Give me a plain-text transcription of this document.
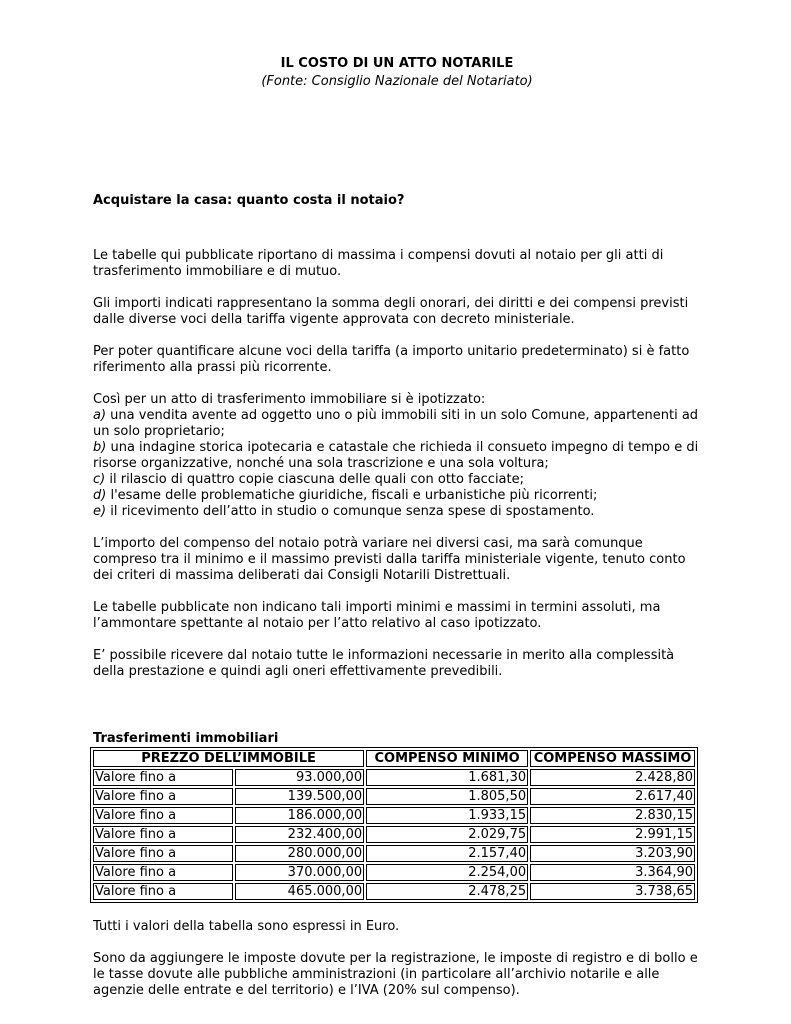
IL COSTO DI UN ATTO NOTARILE

(Fonte: Consiglio Nazionale del Notariato)

Acquistare la casa: quanto costa il notaio?

Le tabelle qui pubblicate riportano di massima i compensi dovuti al notaio per gli atti di trasferimento immobiliare e di mutuo.

Gli importi indicati rappresentano la somma degli onorari, dei diritti e dei compensi previsti dalle diverse voci della tariffa vigente approvata con decreto ministeriale.

Per poter quantificare alcune voci della tariffa (a importo unitario predeterminato) si è fatto riferimento alla prassi più ricorrente.

Così per un atto di trasferimento immobiliare si è ipotizzato:

a) una vendita avente ad oggetto uno o più immobili siti in un solo Comune, appartenenti ad un solo proprietario;

b) una indagine storica ipotecaria e catastale che richieda il consueto impegno di tempo e di risorse organizzative, nonché una sola trascrizione e una sola voltura;

c) il rilascio di quattro copie ciascuna delle quali con otto facciate;

d) l'esame delle problematiche giuridiche, fiscali e urbanistiche più ricorrenti;

e) il ricevimento dell’atto in studio o comunque senza spese di spostamento.

L’importo del compenso del notaio potrà variare nei diversi casi, ma sarà comunque compreso tra il minimo e il massimo previsti dalla tariffa ministeriale vigente, tenuto conto dei criteri di massima deliberati dai Consigli Notarili Distrettuali.

Le tabelle pubblicate non indicano tali importi minimi e massimi in termini assoluti, ma l’ammontare spettante al notaio per l’atto relativo al caso ipotizzato.

E’ possibile ricevere dal notaio tutte le informazioni necessarie in merito alla complessità della prestazione e quindi agli oneri effettivamente prevedibili.

Trasferimenti immobiliari

PREZZO DELL’IMMOBILE		COMPENSO MINIMO	COMPENSO MASSIMO
Valore fino a	93.000,00	1.681,30	2.428,80
Valore fino a	139.500,00	1.805,50	2.617,40
Valore fino a	186.000,00	1.933,15	2.830,15
Valore fino a	232.400,00	2.029,75	2.991,15
Valore fino a	280.000,00	2.157,40	3.203,90
Valore fino a	370.000,00	2.254,00	3.364,90
Valore fino a	465.000,00	2.478,25	3.738,65

Tutti i valori della tabella sono espressi in Euro.

Sono da aggiungere le imposte dovute per la registrazione, le imposte di registro e di bollo e le tasse dovute alle pubbliche amministrazioni (in particolare all’archivio notarile e alle agenzie delle entrate e del territorio) e l’IVA (20% sul compenso).
